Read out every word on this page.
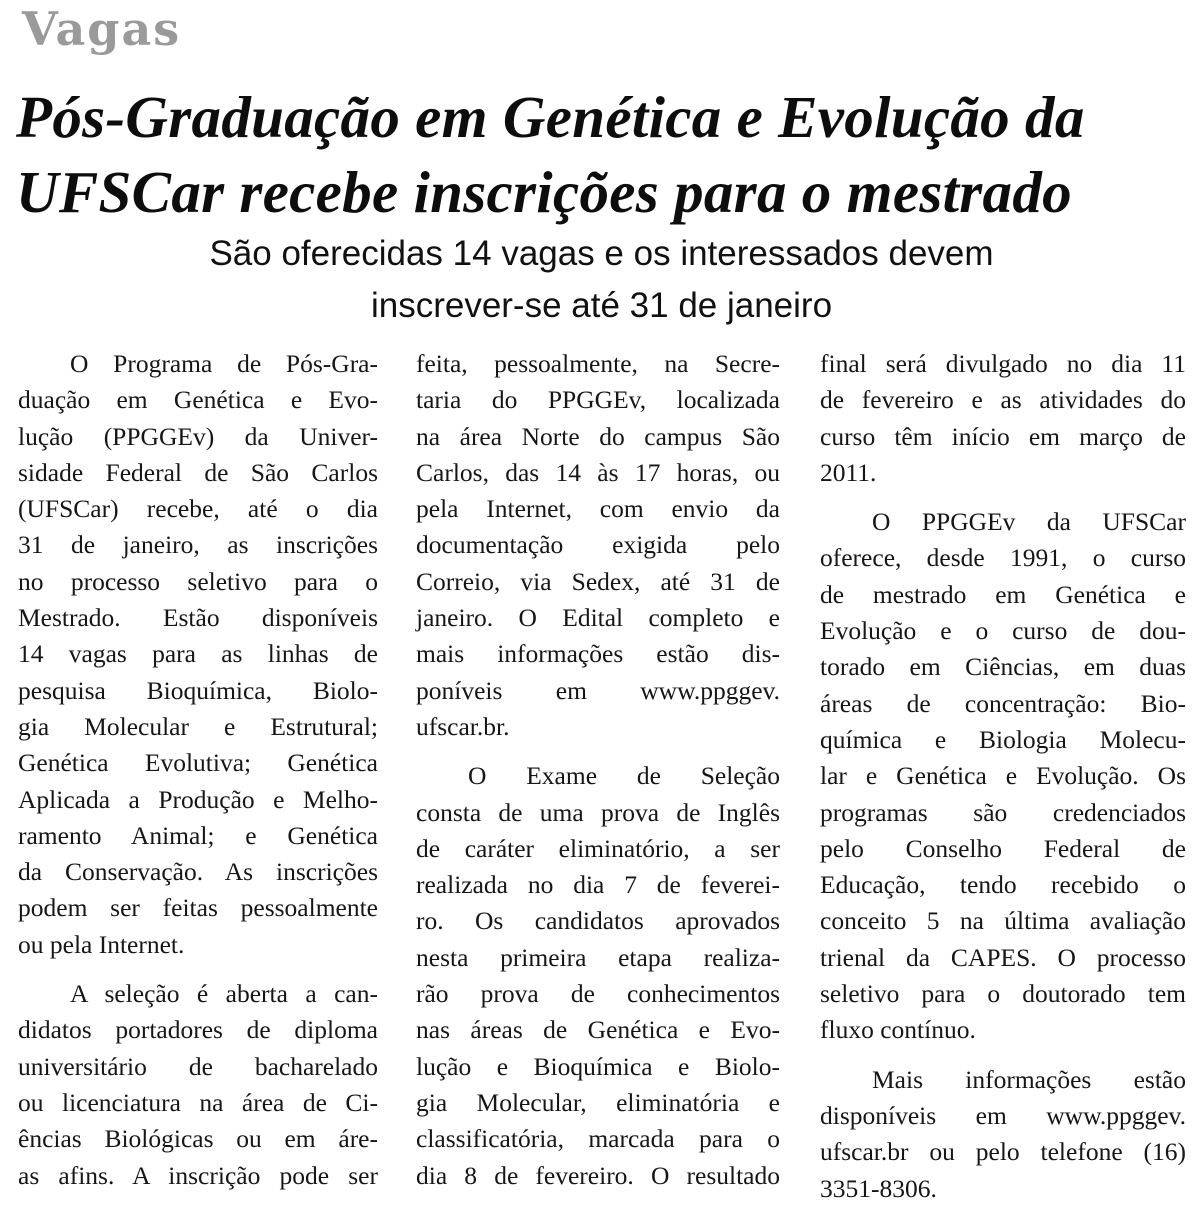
Vagas
Pós-Graduação em Genética e Evolução da
UFSCar recebe inscrições para o mestrado
São oferecidas 14 vagas e os interessados devem
inscrever-se até 31 de janeiro
O Programa de Pós-Gra-
duação em Genética e Evo-
lução (PPGGEv) da Univer-
sidade Federal de São Carlos
(UFSCar) recebe, até o dia
31 de janeiro, as inscrições
no processo seletivo para o
Mestrado. Estão disponíveis
14 vagas para as linhas de
pesquisa Bioquímica, Biolo-
gia Molecular e Estrutural;
Genética Evolutiva; Genética
Aplicada a Produção e Melho-
ramento Animal; e Genética
da Conservação. As inscrições
podem ser feitas pessoalmente
ou pela Internet.
A seleção é aberta a can-
didatos portadores de diploma
universitário de bacharelado
ou licenciatura na área de Ci-
ências Biológicas ou em áre-
as afins. A inscrição pode ser
feita, pessoalmente, na Secre-
taria do PPGGEv, localizada
na área Norte do campus São
Carlos, das 14 às 17 horas, ou
pela Internet, com envio da
documentação exigida pelo
Correio, via Sedex, até 31 de
janeiro. O Edital completo e
mais informações estão dis-
poníveis em www.ppggev.
ufscar.br.
O Exame de Seleção
consta de uma prova de Inglês
de caráter eliminatório, a ser
realizada no dia 7 de feverei-
ro. Os candidatos aprovados
nesta primeira etapa realiza-
rão prova de conhecimentos
nas áreas de Genética e Evo-
lução e Bioquímica e Biolo-
gia Molecular, eliminatória e
classificatória, marcada para o
dia 8 de fevereiro. O resultado
final será divulgado no dia 11
de fevereiro e as atividades do
curso têm início em março de
2011.
O PPGGEv da UFSCar
oferece, desde 1991, o curso
de mestrado em Genética e
Evolução e o curso de dou-
torado em Ciências, em duas
áreas de concentração: Bio-
química e Biologia Molecu-
lar e Genética e Evolução. Os
programas são credenciados
pelo Conselho Federal de
Educação, tendo recebido o
conceito 5 na última avaliação
trienal da CAPES. O processo
seletivo para o doutorado tem
fluxo contínuo.
Mais informações estão
disponíveis em www.ppggev.
ufscar.br ou pelo telefone (16)
3351-8306.
